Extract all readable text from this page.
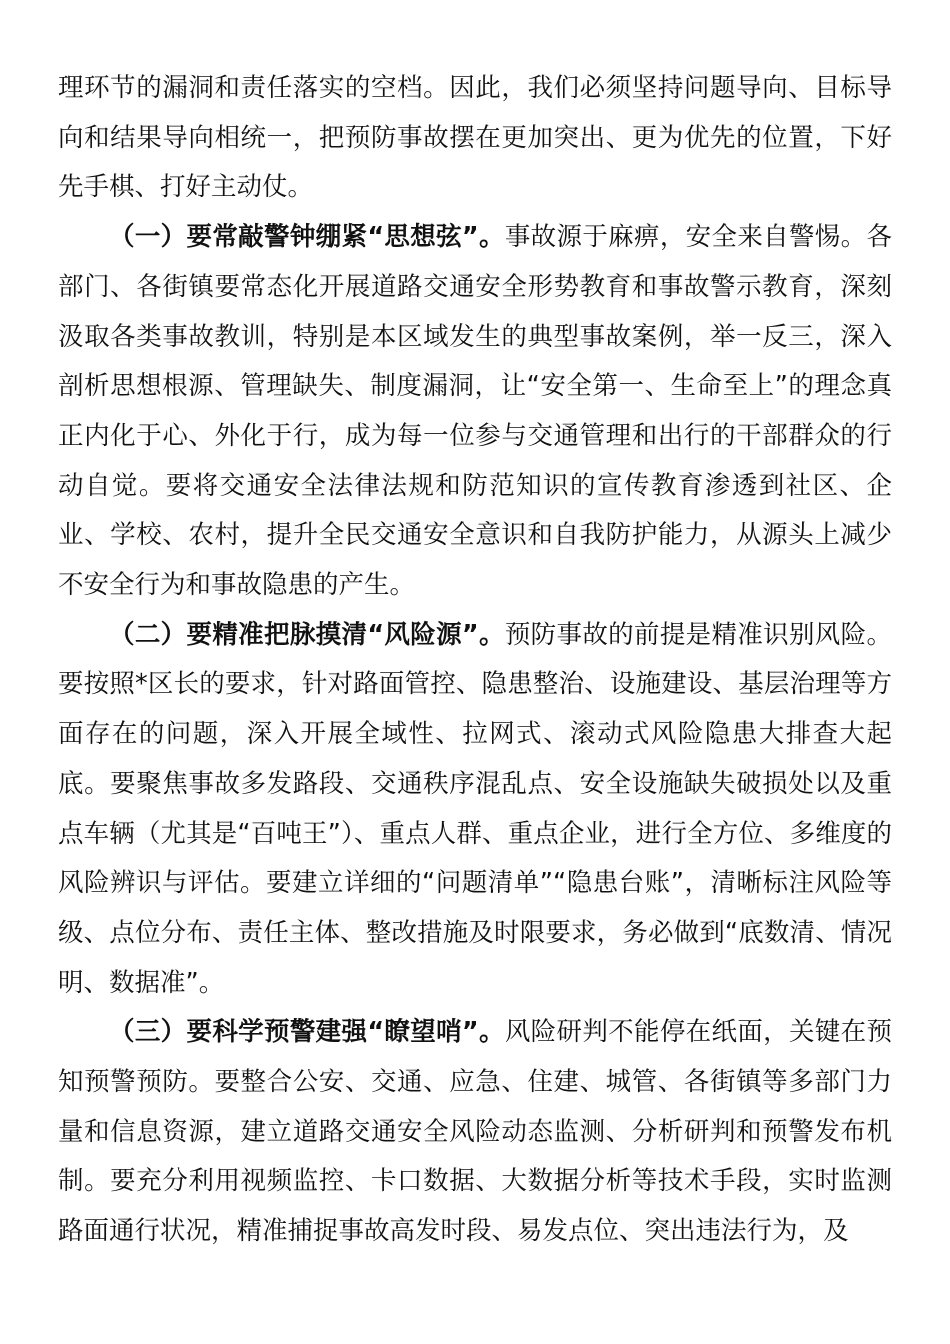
理环节的漏洞和责任落实的空档。因此，我们必须坚持问题导向、目标导向和结果导向相统一，把预防事故摆在更加突出、更为优先的位置，下好先手棋、打好主动仗。

（一）要常敲警钟绷紧“思想弦”。事故源于麻痹，安全来自警惕。各部门、各街镇要常态化开展道路交通安全形势教育和事故警示教育，深刻汲取各类事故教训，特别是本区域发生的典型事故案例，举一反三，深入剖析思想根源、管理缺失、制度漏洞，让“安全第一、生命至上”的理念真正内化于心、外化于行，成为每一位参与交通管理和出行的干部群众的行动自觉。要将交通安全法律法规和防范知识的宣传教育渗透到社区、企业、学校、农村，提升全民交通安全意识和自我防护能力，从源头上减少不安全行为和事故隐患的产生。

（二）要精准把脉摸清“风险源”。预防事故的前提是精准识别风险。要按照*区长的要求，针对路面管控、隐患整治、设施建设、基层治理等方面存在的问题，深入开展全域性、拉网式、滚动式风险隐患大排查大起底。要聚焦事故多发路段、交通秩序混乱点、安全设施缺失破损处以及重点车辆（尤其是“百吨王”）、重点人群、重点企业，进行全方位、多维度的风险辨识与评估。要建立详细的“问题清单”“隐患台账”，清晰标注风险等级、点位分布、责任主体、整改措施及时限要求，务必做到“底数清、情况明、数据准”。

（三）要科学预警建强“瞭望哨”。风险研判不能停在纸面，关键在预知预警预防。要整合公安、交通、应急、住建、城管、各街镇等多部门力量和信息资源，建立道路交通安全风险动态监测、分析研判和预警发布机制。要充分利用视频监控、卡口数据、大数据分析等技术手段，实时监测路面通行状况，精准捕捉事故高发时段、易发点位、突出违法行为，及
